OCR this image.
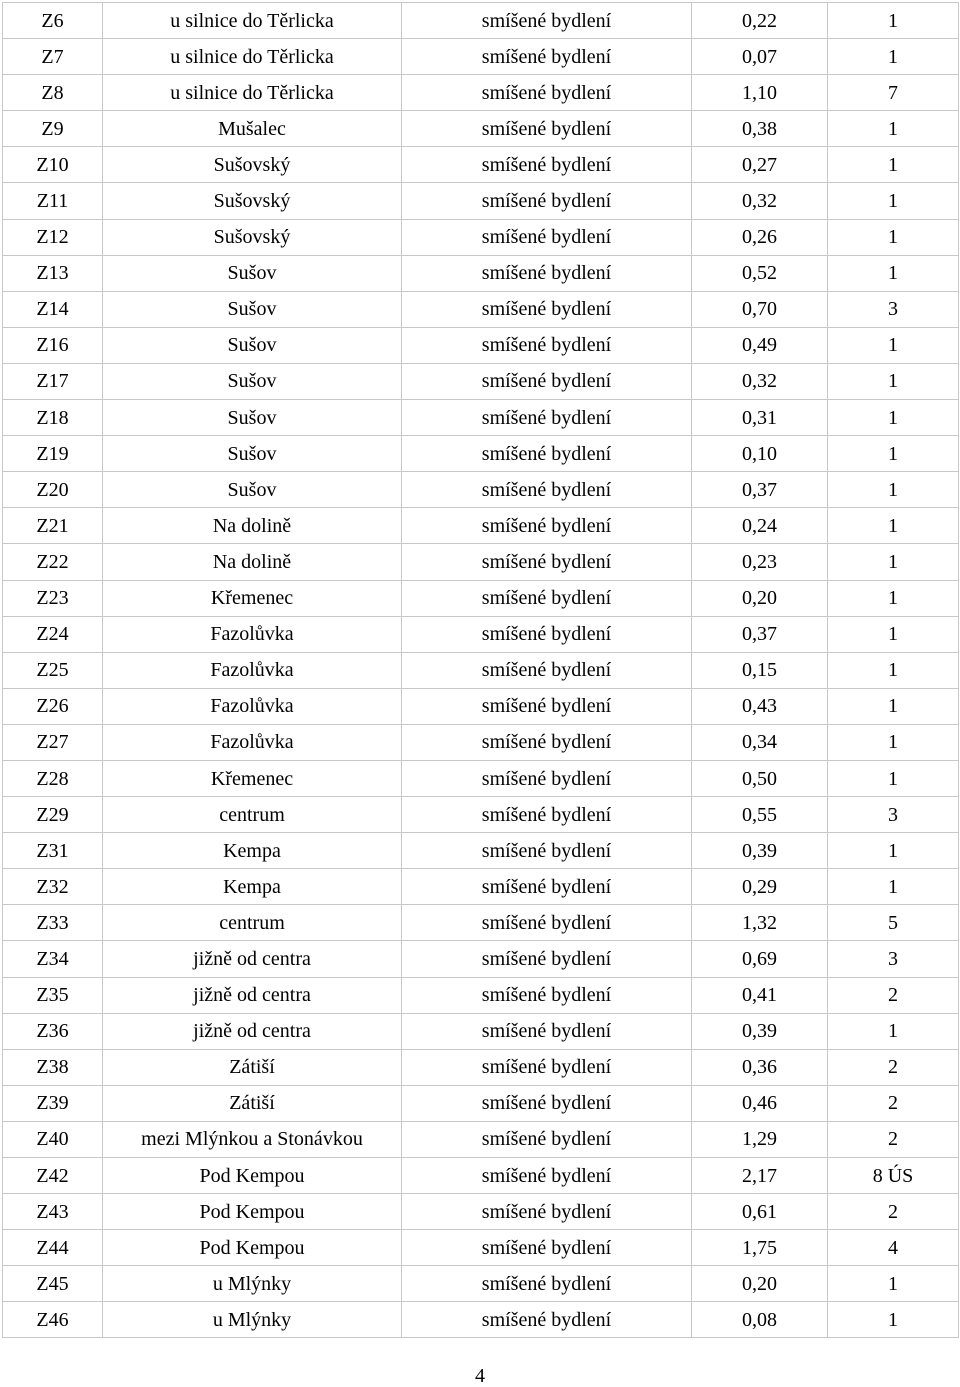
Z6	u silnice do Těrlicka	smíšené bydlení	0,22	1
Z7	u silnice do Těrlicka	smíšené bydlení	0,07	1
Z8	u silnice do Těrlicka	smíšené bydlení	1,10	7
Z9	Mušalec	smíšené bydlení	0,38	1
Z10	Sušovský	smíšené bydlení	0,27	1
Z11	Sušovský	smíšené bydlení	0,32	1
Z12	Sušovský	smíšené bydlení	0,26	1
Z13	Sušov	smíšené bydlení	0,52	1
Z14	Sušov	smíšené bydlení	0,70	3
Z16	Sušov	smíšené bydlení	0,49	1
Z17	Sušov	smíšené bydlení	0,32	1
Z18	Sušov	smíšené bydlení	0,31	1
Z19	Sušov	smíšené bydlení	0,10	1
Z20	Sušov	smíšené bydlení	0,37	1
Z21	Na dolině	smíšené bydlení	0,24	1
Z22	Na dolině	smíšené bydlení	0,23	1
Z23	Křemenec	smíšené bydlení	0,20	1
Z24	Fazolůvka	smíšené bydlení	0,37	1
Z25	Fazolůvka	smíšené bydlení	0,15	1
Z26	Fazolůvka	smíšené bydlení	0,43	1
Z27	Fazolůvka	smíšené bydlení	0,34	1
Z28	Křemenec	smíšené bydlení	0,50	1
Z29	centrum	smíšené bydlení	0,55	3
Z31	Kempa	smíšené bydlení	0,39	1
Z32	Kempa	smíšené bydlení	0,29	1
Z33	centrum	smíšené bydlení	1,32	5
Z34	jižně od centra	smíšené bydlení	0,69	3
Z35	jižně od centra	smíšené bydlení	0,41	2
Z36	jižně od centra	smíšené bydlení	0,39	1
Z38	Zátiší	smíšené bydlení	0,36	2
Z39	Zátiší	smíšené bydlení	0,46	2
Z40	mezi Mlýnkou a Stonávkou	smíšené bydlení	1,29	2
Z42	Pod Kempou	smíšené bydlení	2,17	8 ÚS
Z43	Pod Kempou	smíšené bydlení	0,61	2
Z44	Pod Kempou	smíšené bydlení	1,75	4
Z45	u Mlýnky	smíšené bydlení	0,20	1
Z46	u Mlýnky	smíšené bydlení	0,08	1
4
